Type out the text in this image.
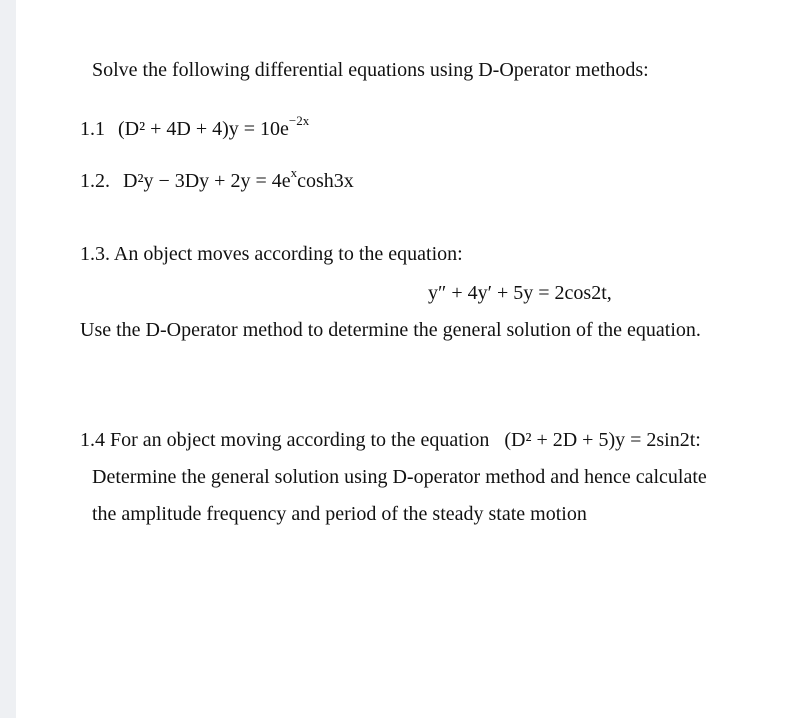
Solve the following differential equations using D-Operator methods:
1.1 $(D^2 + 4D + 4)y = 10e^{-2x}$
1.2. $D^2y - 3Dy + 2y = 4e^x\cosh 3x$
1.3. An object moves according to the equation:
y″ + 4y′ + 5y = 2cos2t,
Use the D-Operator method to determine the general solution of the equation.
1.4 For an object moving according to the equation (D² + 2D + 5)y = 2sin2t:
Determine the general solution using D-operator method and hence calculate
the amplitude frequency and period of the steady state motion
